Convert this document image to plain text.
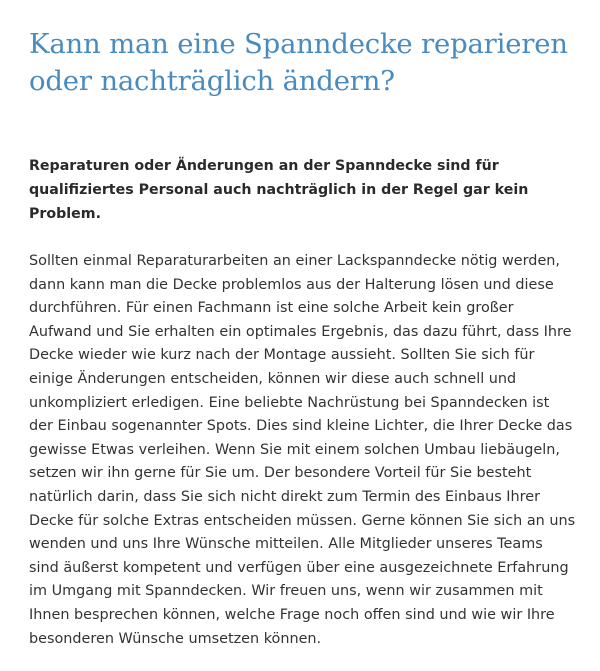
Kann man eine Spanndecke reparieren oder nachträglich ändern?

Reparaturen oder Änderungen an der Spanndecke sind für qualifiziertes Personal auch nachträglich in der Regel gar kein Problem.

Sollten einmal Reparaturarbeiten an einer Lackspanndecke nötig werden, dann kann man die Decke problemlos aus der Halterung lösen und diese durchführen. Für einen Fachmann ist eine solche Arbeit kein großer Aufwand und Sie erhalten ein optimales Ergebnis, das dazu führt, dass Ihre Decke wieder wie kurz nach der Montage aussieht. Sollten Sie sich für einige Änderungen entscheiden, können wir diese auch schnell und unkompliziert erledigen. Eine beliebte Nachrüstung bei Spanndecken ist der Einbau sogenannter Spots. Dies sind kleine Lichter, die Ihrer Decke das gewisse Etwas verleihen. Wenn Sie mit einem solchen Umbau liebäugeln, setzen wir ihn gerne für Sie um. Der besondere Vorteil für Sie besteht natürlich darin, dass Sie sich nicht direkt zum Termin des Einbaus Ihrer Decke für solche Extras entscheiden müssen. Gerne können Sie sich an uns wenden und uns Ihre Wünsche mitteilen. Alle Mitglieder unseres Teams sind äußerst kompetent und verfügen über eine ausgezeichnete Erfahrung im Umgang mit Spanndecken. Wir freuen uns, wenn wir zusammen mit Ihnen besprechen können, welche Frage noch offen sind und wie wir Ihre besonderen Wünsche umsetzen können.
